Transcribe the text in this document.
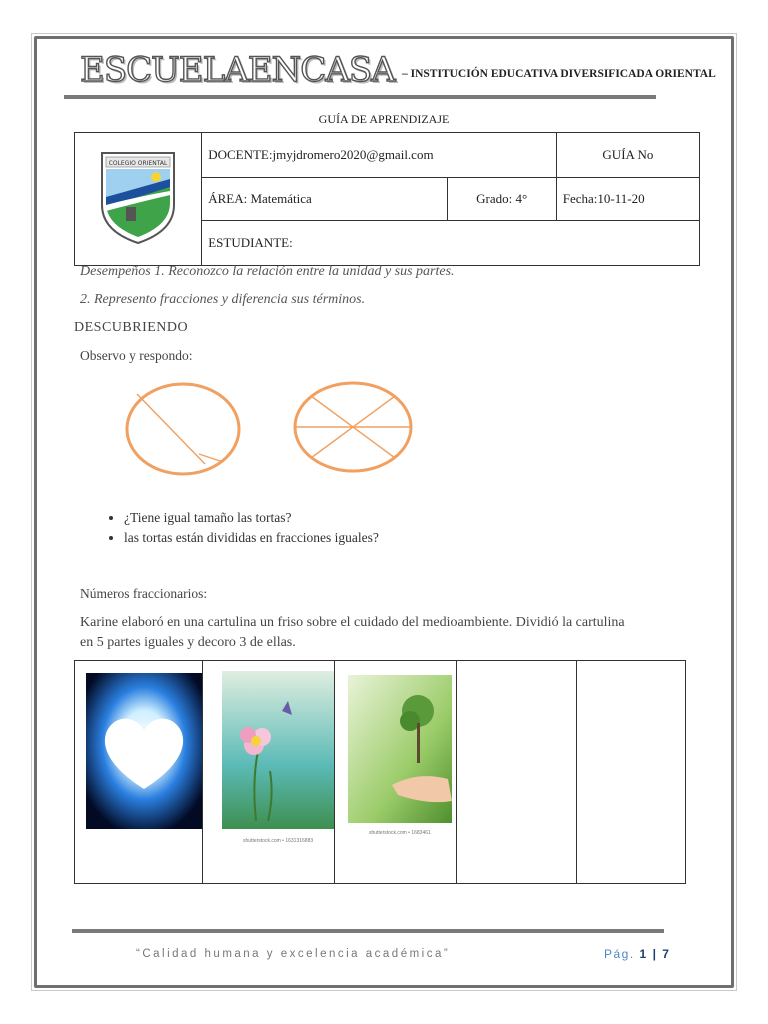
ESCUELAENCASA – INSTITUCIÓN EDUCATIVA DIVERSIFICADA ORIENTAL
GUÍA DE APRENDIZAJE
COLEGIO ORIENTAL	DOCENTE:jmyjdromero2020@gmail.com		GUÍA No
	ÁREA: Matemática	Grado: 4°	Fecha:10-11-20
	ESTUDIANTE:		
Desempeños 1. Reconozco la relación entre la unidad y sus partes.
2. Represento fracciones y diferencia sus términos.
DESCUBRIENDO
Observo y respondo:
• ¿Tiene igual tamaño las tortas?
• las tortas están divididas en fracciones iguales?
Números fraccionarios:
Karine elaboró en una cartulina un friso sobre el cuidado del medioambiente. Dividió la cartulina en 5 partes iguales y decoro 3 de ellas.

shutterstock.com • 1631316883

shutterstock.com • 1683461

“Calidad humana y excelencia académica”	Pág. 1 | 7
